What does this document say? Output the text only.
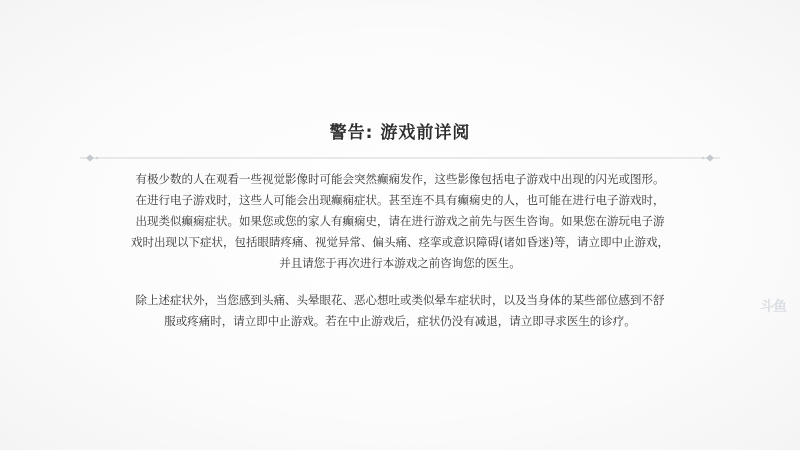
警告: 游戏前详阅
有极少数的人在观看一些视觉影像时可能会突然癫痫发作，这些影像包括电子游戏中出现的闪光或图形。
在进行电子游戏时，这些人可能会出现癫痫症状。甚至连不具有癫痫史的人，也可能在进行电子游戏时，
出现类似癫痫症状。如果您或您的家人有癫痫史，请在进行游戏之前先与医生咨询。如果您在游玩电子游
戏时出现以下症状，包括眼睛疼痛、视觉异常、偏头痛、痉挛或意识障碍(诸如昏迷)等，请立即中止游戏，
并且请您于再次进行本游戏之前咨询您的医生。
除上述症状外，当您感到头痛、头晕眼花、恶心想吐或类似晕车症状时，以及当身体的某些部位感到不舒
服或疼痛时，请立即中止游戏。若在中止游戏后，症状仍没有减退，请立即寻求医生的诊疗。
斗鱼
